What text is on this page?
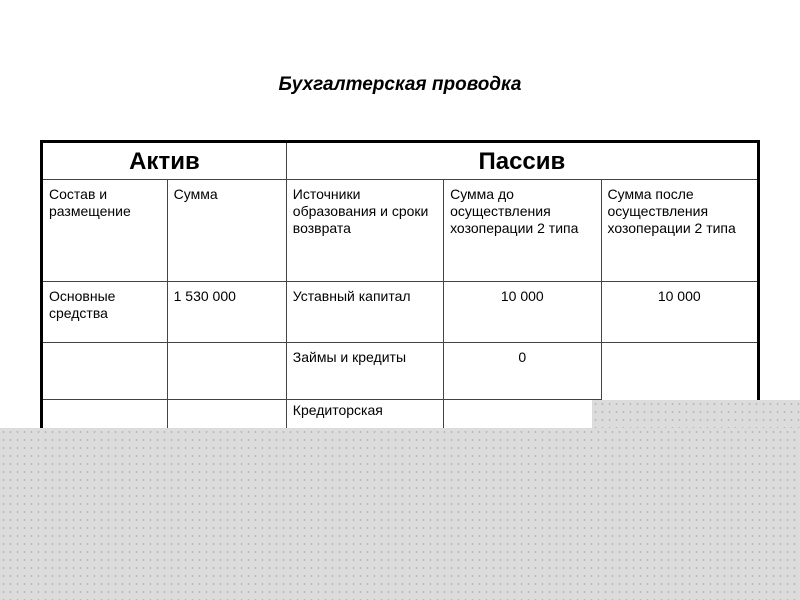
Бухгалтерская проводка
Актив		Пассив		
Состав и размещение	Сумма	Источники образования и сроки возврата	Сумма до осуществления хозоперации 2 типа	Сумма после осуществления хозоперации 2 типа
Основные средства	1 530 000	Уставный капитал	10 000	10 000
		Займы и кредиты	0	
		Кредиторская		
